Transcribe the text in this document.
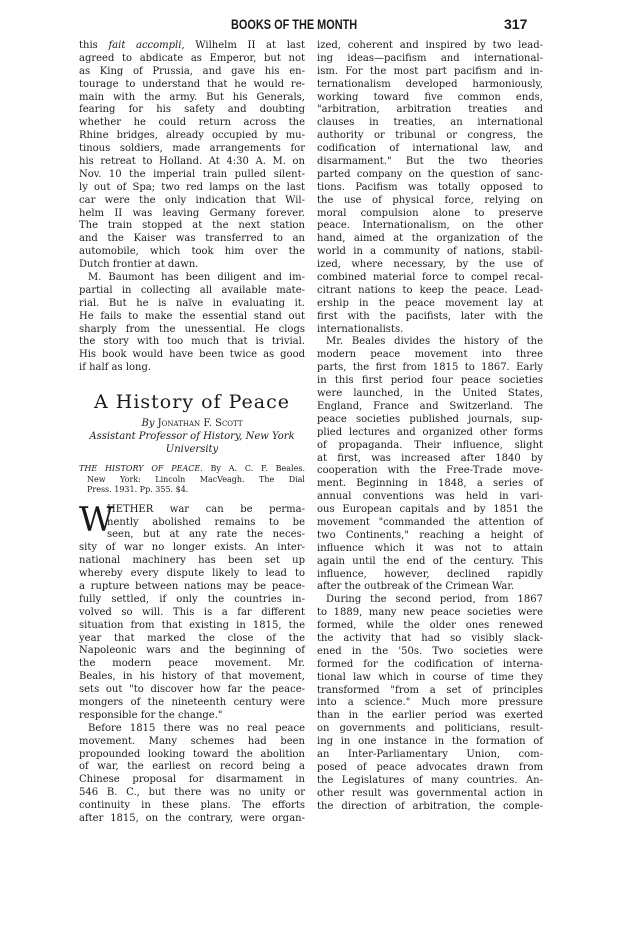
BOOKS OF THE MONTH	317
this fait accompli, Wilhelm II at last
agreed to abdicate as Emperor, but not
as King of Prussia, and gave his en-
tourage to understand that he would re-
main with the army. But his Generals,
fearing for his safety and doubting
whether he could return across the
Rhine bridges, already occupied by mu-
tinous soldiers, made arrangements for
his retreat to Holland. At 4:30 A. M. on
Nov. 10 the imperial train pulled silent-
ly out of Spa; two red lamps on the last
car were the only indication that Wil-
helm II was leaving Germany forever.
The train stopped at the next station
and the Kaiser was transferred to an
automobile, which took him over the
Dutch frontier at dawn.
M. Baumont has been diligent and im-
partial in collecting all available mate-
rial. But he is naïve in evaluating it.
He fails to make the essential stand out
sharply from the unessential. He clogs
the story with too much that is trivial.
His book would have been twice as good
if half as long.
A History of Peace
By Jonathan F. Scott
Assistant Professor of History, New York
University
THE HISTORY OF PEACE. By A. C. F. Beales.
New York: Lincoln MacVeagh. The Dial
Press. 1931. Pp. 355. $4.
W
HETHER war can be perma-
nently abolished remains to be
seen, but at any rate the neces-
sity of war no longer exists. An inter-
national machinery has been set up
whereby every dispute likely to lead to
a rupture between nations may be peace-
fully settled, if only the countries in-
volved so will. This is a far different
situation from that existing in 1815, the
year that marked the close of the
Napoleonic wars and the beginning of
the modern peace movement. Mr.
Beales, in his history of that movement,
sets out "to discover how far the peace-
mongers of the nineteenth century were
responsible for the change."
Before 1815 there was no real peace
movement. Many schemes had been
propounded looking toward the abolition
of war, the earliest on record being a
Chinese proposal for disarmament in
546 B. C., but there was no unity or
continuity in these plans. The efforts
after 1815, on the contrary, were organ-
ized, coherent and inspired by two lead-
ing ideas—pacifism and international-
ism. For the most part pacifism and in-
ternationalism developed harmoniously,
working toward five common ends,
"arbitration, arbitration treaties and
clauses in treaties, an international
authority or tribunal or congress, the
codification of international law, and
disarmament." But the two theories
parted company on the question of sanc-
tions. Pacifism was totally opposed to
the use of physical force, relying on
moral compulsion alone to preserve
peace. Internationalism, on the other
hand, aimed at the organization of the
world in a community of nations, stabil-
ized, where necessary, by the use of
combined material force to compel recal-
citrant nations to keep the peace. Lead-
ership in the peace movement lay at
first with the pacifists, later with the
internationalists.
Mr. Beales divides the history of the
modern peace movement into three
parts, the first from 1815 to 1867. Early
in this first period four peace societies
were launched, in the United States,
England, France and Switzerland. The
peace societies published journals, sup-
plied lectures and organized other forms
of propaganda. Their influence, slight
at first, was increased after 1840 by
cooperation with the Free-Trade move-
ment. Beginning in 1848, a series of
annual conventions was held in vari-
ous European capitals and by 1851 the
movement "commanded the attention of
two Continents," reaching a height of
influence which it was not to attain
again until the end of the century. This
influence, however, declined rapidly
after the outbreak of the Crimean War.
During the second period, from 1867
to 1889, many new peace societies were
formed, while the older ones renewed
the activity that had so visibly slack-
ened in the '50s. Two societies were
formed for the codification of interna-
tional law which in course of time they
transformed "from a set of principles
into a science." Much more pressure
than in the earlier period was exerted
on governments and politicians, result-
ing in one instance in the formation of
an Inter-Parliamentary Union, com-
posed of peace advocates drawn from
the Legislatures of many countries. An-
other result was governmental action in
the direction of arbitration, the comple-
